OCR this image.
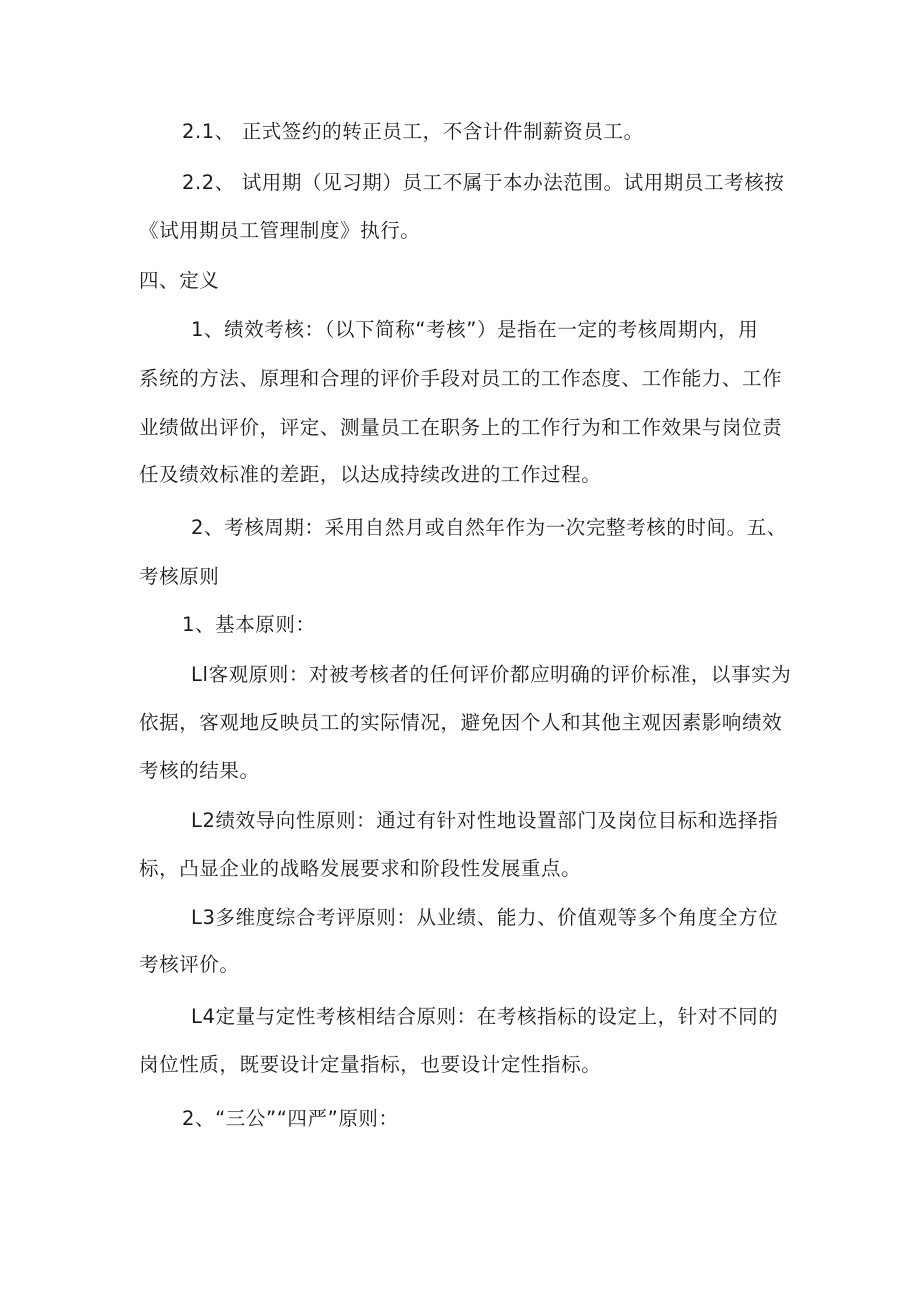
2.1、 正式签约的转正员工，不含计件制薪资员工。
2.2、 试用期（见习期）员工不属于本办法范围。试用期员工考核按
《试用期员工管理制度》执行。
四、定义
1、绩效考核：（以下简称“考核”）是指在一定的考核周期内，用
系统的方法、原理和合理的评价手段对员工的工作态度、工作能力、工作
业绩做出评价，评定、测量员工在职务上的工作行为和工作效果与岗位责
任及绩效标准的差距，以达成持续改进的工作过程。
2、考核周期：采用自然月或自然年作为一次完整考核的时间。五、
考核原则
1、基本原则：
Ll客观原则：对被考核者的任何评价都应明确的评价标准，以事实为
依据，客观地反映员工的实际情况，避免因个人和其他主观因素影响绩效
考核的结果。
L2绩效导向性原则：通过有针对性地设置部门及岗位目标和选择指
标，凸显企业的战略发展要求和阶段性发展重点。
L3多维度综合考评原则：从业绩、能力、价值观等多个角度全方位
考核评价。
L4定量与定性考核相结合原则：在考核指标的设定上，针对不同的
岗位性质，既要设计定量指标，也要设计定性指标。
2、“三公”“四严”原则：
